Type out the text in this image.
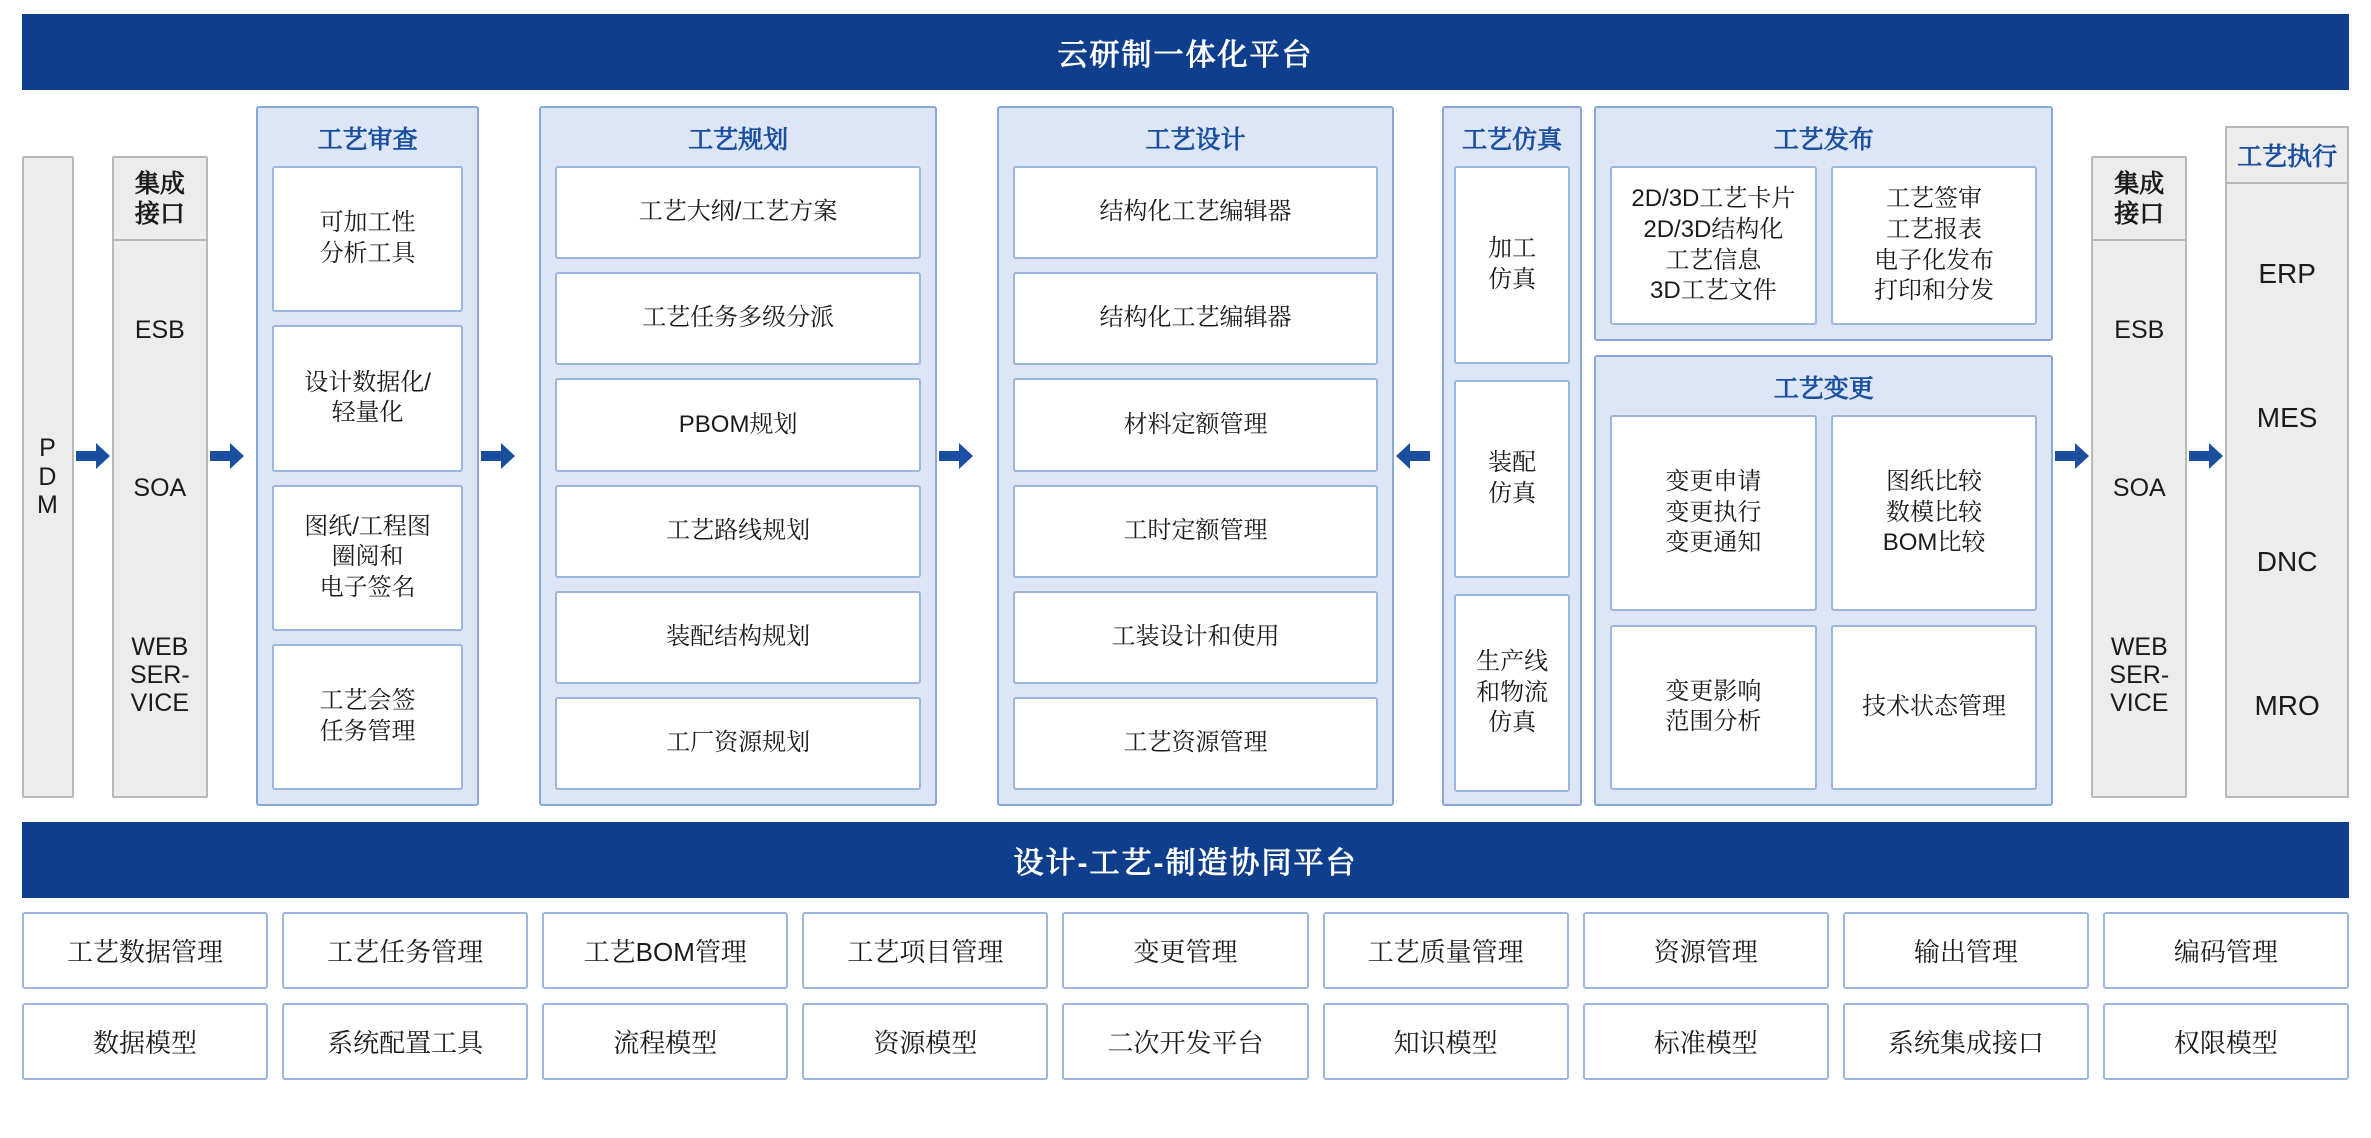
云研制一体化平台
P
D
M
集成
接口
ESB
SOA
WEB
SER-
VICE
工艺审查
可加工性
分析工具
设计数据化/
轻量化
图纸/工程图
圈阅和
电子签名
工艺会签
任务管理
工艺规划
工艺大纲/工艺方案
工艺任务多级分派
PBOM规划
工艺路线规划
装配结构规划
工厂资源规划
工艺设计
结构化工艺编辑器
结构化工艺编辑器
材料定额管理
工时定额管理
工装设计和使用
工艺资源管理
工艺仿真
加工
仿真
装配
仿真
生产线
和物流
仿真
工艺发布
2D/3D工艺卡片
2D/3D结构化
工艺信息
3D工艺文件
工艺签审
工艺报表
电子化发布
打印和分发
工艺变更
变更申请
变更执行
变更通知
图纸比较
数模比较
BOM比较
变更影响
范围分析
技术状态管理
集成
接口
ESB
SOA
WEB
SER-
VICE
工艺执行
ERP
MES
DNC
MRO
设计-工艺-制造协同平台
工艺数据管理	工艺任务管理	工艺BOM管理	工艺项目管理	变更管理	工艺质量管理	资源管理	输出管理	编码管理
数据模型	系统配置工具	流程模型	资源模型	二次开发平台	知识模型	标准模型	系统集成接口	权限模型
